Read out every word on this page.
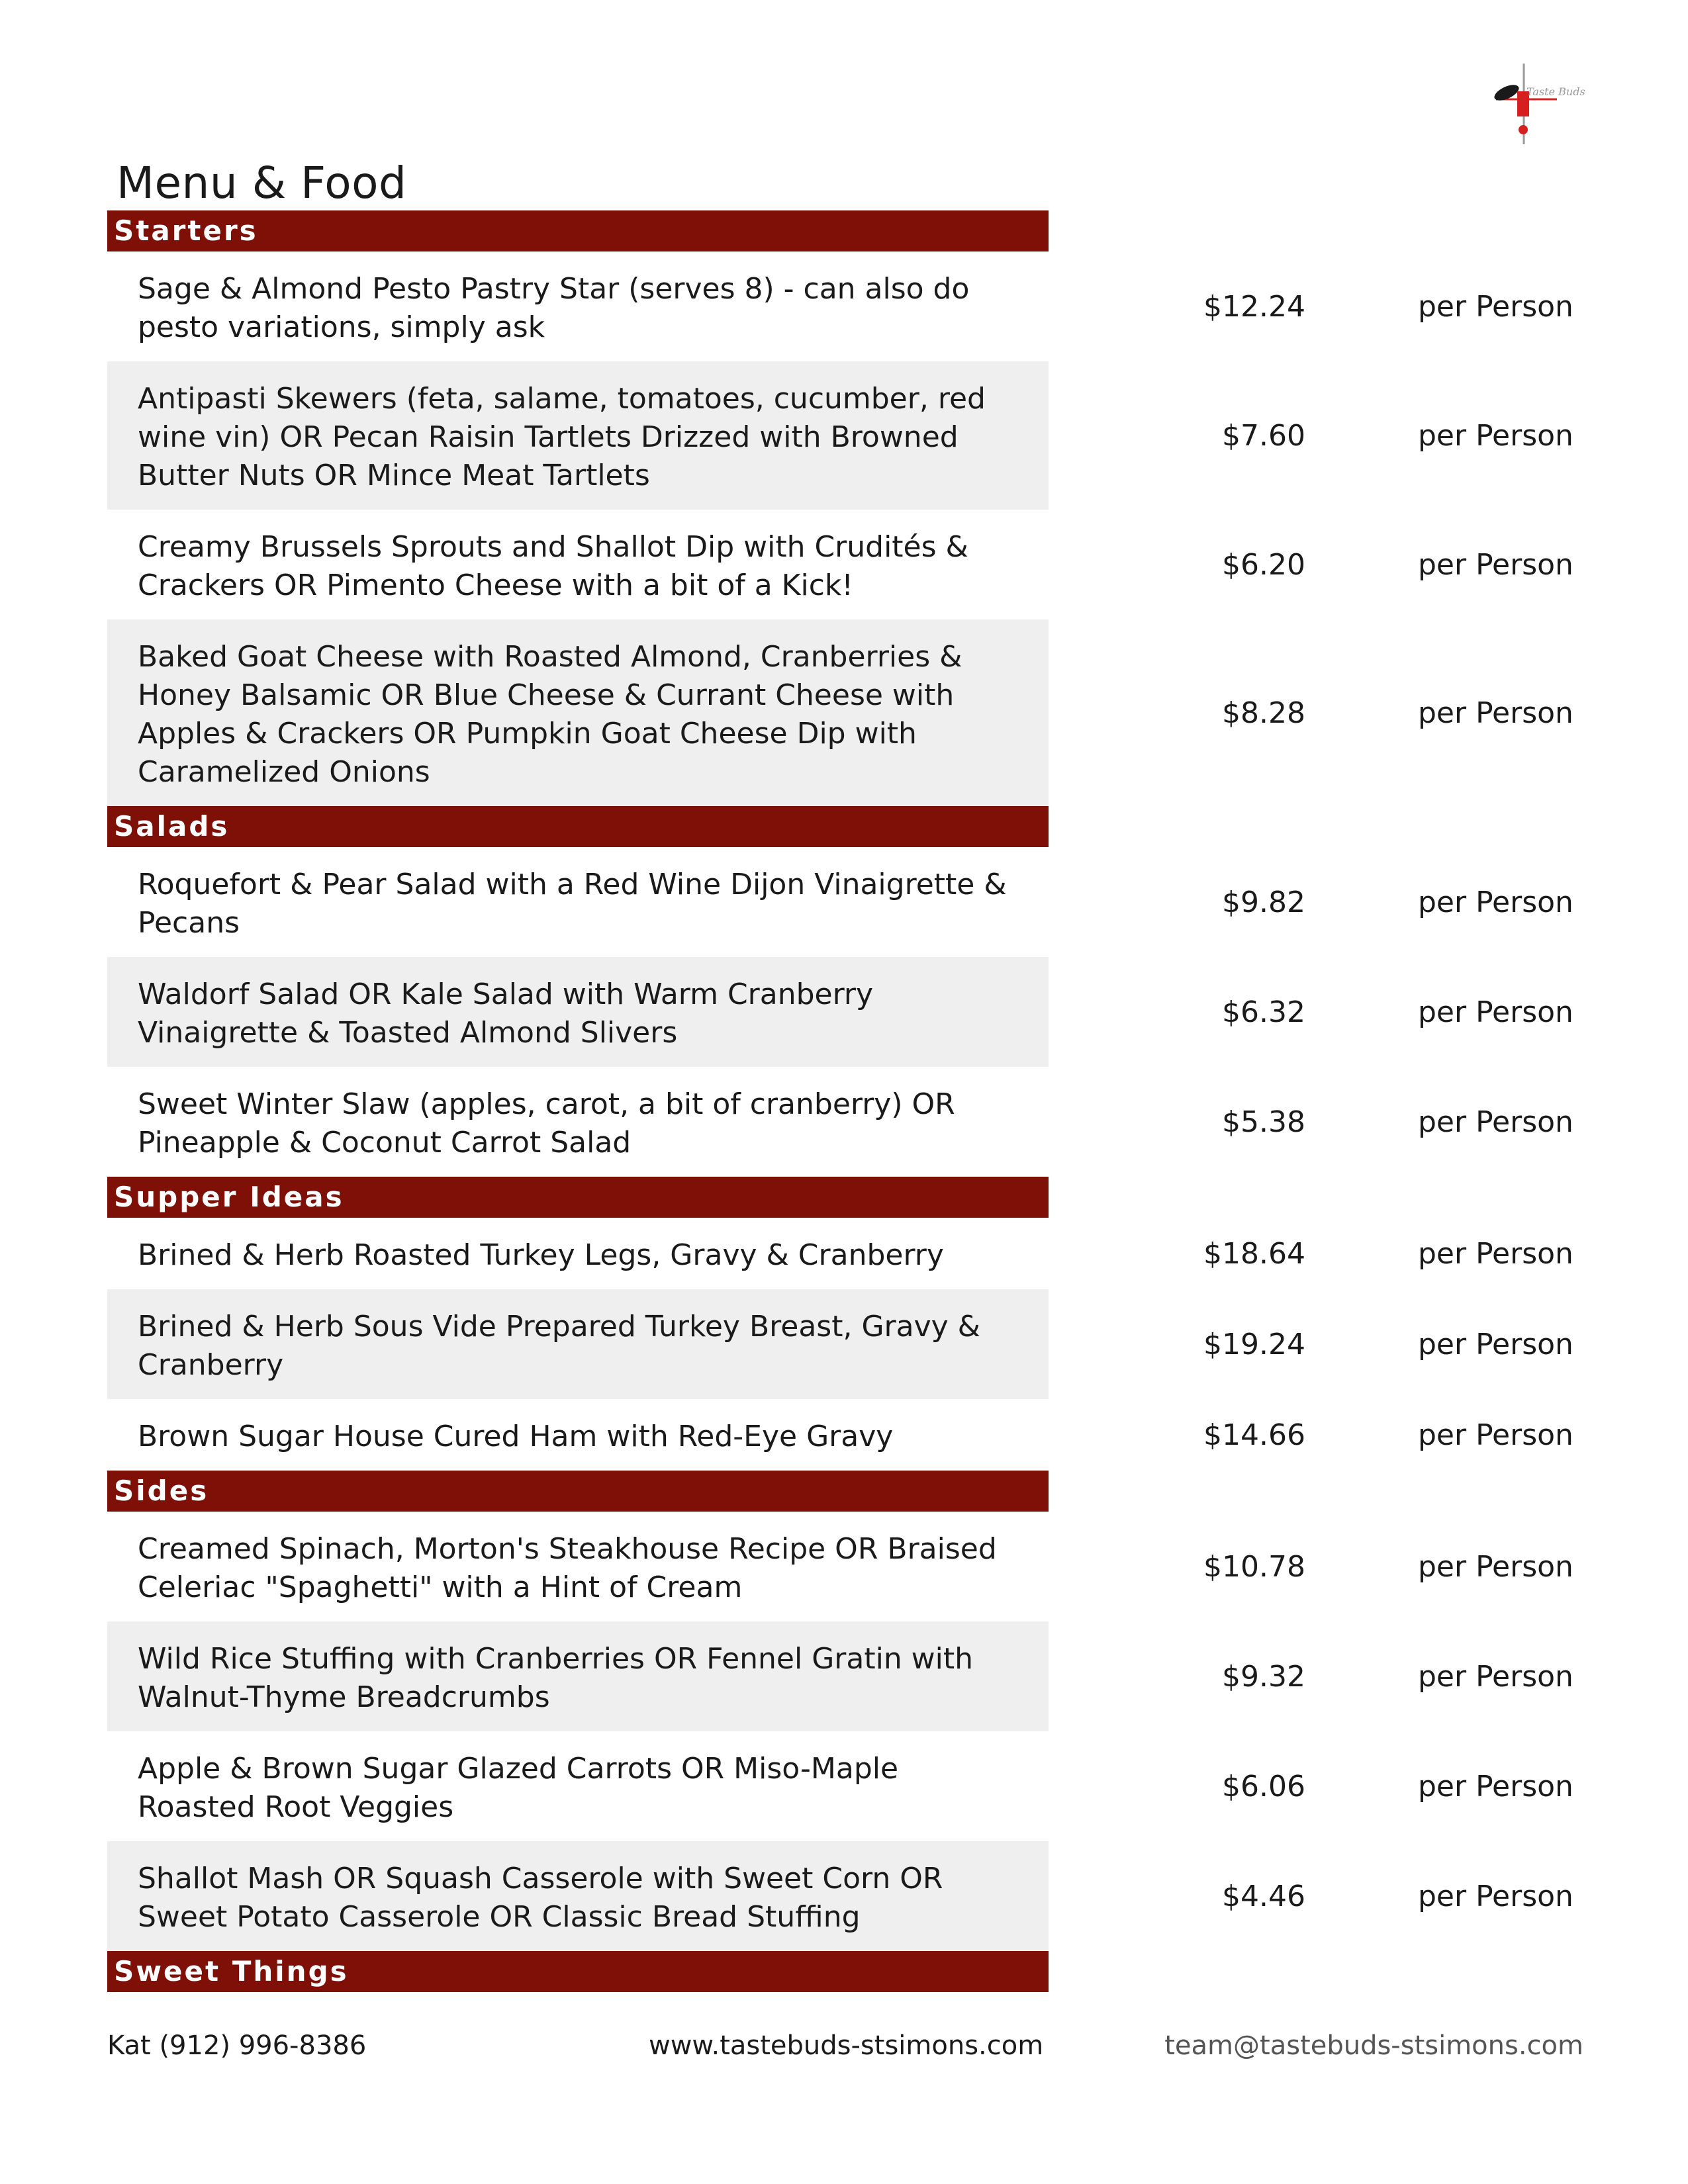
Taste Buds
Menu & Food
Starters
Sage & Almond Pesto Pastry Star (serves 8) - can also do pesto variations, simply ask
$12.24	per Person
Antipasti Skewers (feta, salame, tomatoes, cucumber, red wine vin) OR Pecan Raisin Tartlets Drizzed with Browned Butter Nuts OR Mince Meat Tartlets
$7.60	per Person
Creamy Brussels Sprouts and Shallot Dip with Crudités & Crackers OR Pimento Cheese with a bit of a Kick!
$6.20	per Person
Baked Goat Cheese with Roasted Almond, Cranberries & Honey Balsamic OR Blue Cheese & Currant Cheese with Apples & Crackers OR Pumpkin Goat Cheese Dip with Caramelized Onions
$8.28	per Person
Salads
Roquefort & Pear Salad with a Red Wine Dijon Vinaigrette & Pecans
$9.82	per Person
Waldorf Salad OR Kale Salad with Warm Cranberry Vinaigrette & Toasted Almond Slivers
$6.32	per Person
Sweet Winter Slaw (apples, carot, a bit of cranberry) OR Pineapple & Coconut Carrot Salad
$5.38	per Person
Supper Ideas
Brined & Herb Roasted Turkey Legs, Gravy & Cranberry	$18.64	per Person
Brined & Herb Sous Vide Prepared Turkey Breast, Gravy & Cranberry
$19.24	per Person
Brown Sugar House Cured Ham with Red-Eye Gravy	$14.66	per Person
Sides
Creamed Spinach, Morton's Steakhouse Recipe OR Braised Celeriac "Spaghetti" with a Hint of Cream
$10.78	per Person
Wild Rice Stuffing with Cranberries OR Fennel Gratin with Walnut-Thyme Breadcrumbs
$9.32	per Person
Apple & Brown Sugar Glazed Carrots OR Miso-Maple Roasted Root Veggies
$6.06	per Person
Shallot Mash OR Squash Casserole with Sweet Corn OR Sweet Potato Casserole OR Classic Bread Stuffing
$4.46	per Person
Sweet Things
Kat (912) 996-8386	www.tastebuds-stsimons.com	team@tastebuds-stsimons.com
